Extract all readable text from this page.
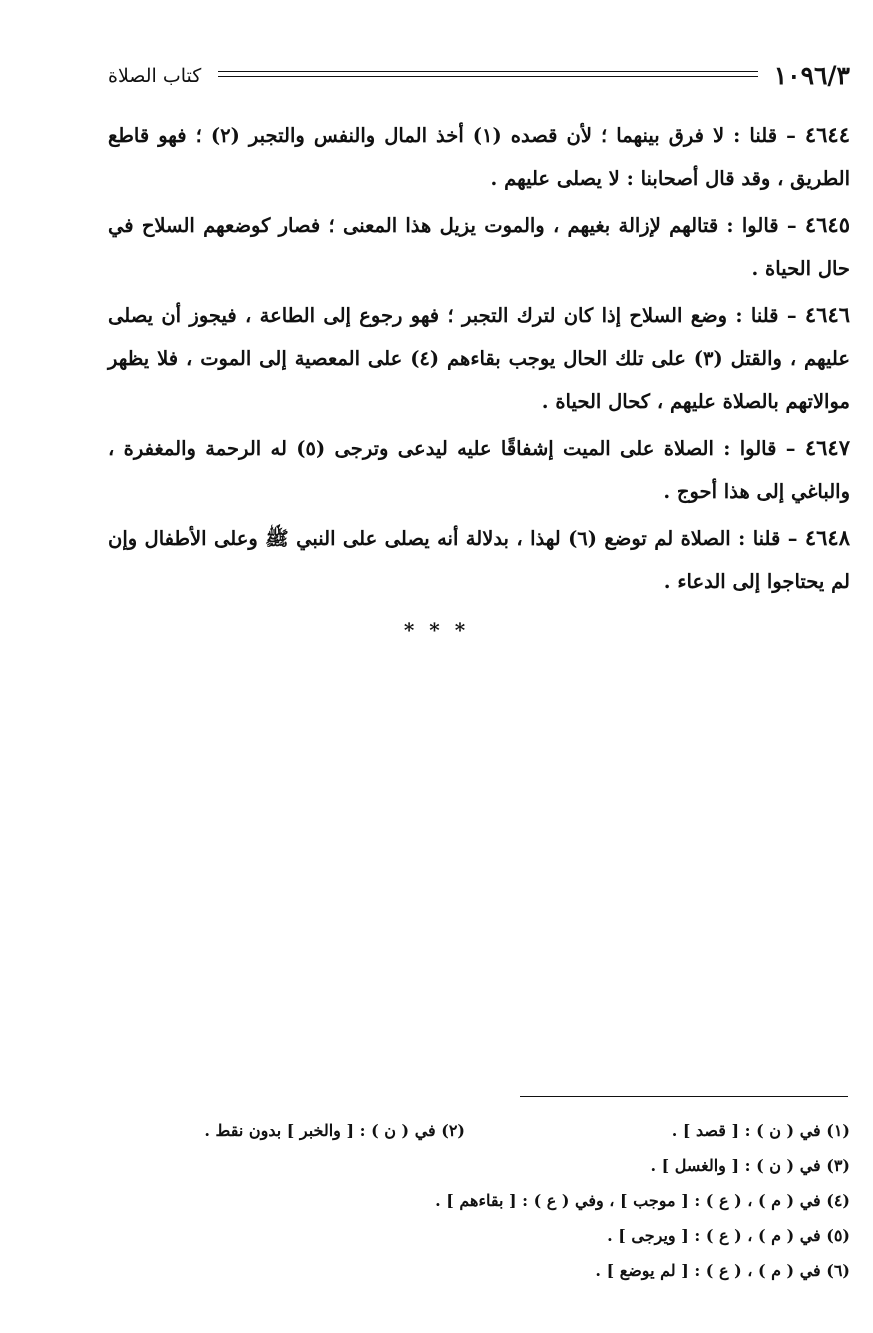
١٠٩٦/٣
كتاب الصلاة

٤٦٤٤ – قلنا : لا فرق بينهما ؛ لأن قصده (١) أخذ المال والنفس والتجبر (٢) ؛ فهو قاطع الطريق ، وقد قال أصحابنا : لا يصلى عليهم .

٤٦٤٥ – قالوا : قتالهم لإزالة بغيهم ، والموت يزيل هذا المعنى ؛ فصار كوضعهم السلاح في حال الحياة .

٤٦٤٦ – قلنا : وضع السلاح إذا كان لترك التجبر ؛ فهو رجوع إلى الطاعة ، فيجوز أن يصلى عليهم ، والقتل (٣) على تلك الحال يوجب بقاءهم (٤) على المعصية إلى الموت ، فلا يظهر موالاتهم بالصلاة عليهم ، كحال الحياة .

٤٦٤٧ – قالوا : الصلاة على الميت إشفاقًا عليه ليدعى وترجى (٥) له الرحمة والمغفرة ، والباغي إلى هذا أحوج .

٤٦٤٨ – قلنا : الصلاة لم توضع (٦) لهذا ، بدلالة أنه يصلى على النبي ﷺ وعلى الأطفال وإن لم يحتاجوا إلى الدعاء .

* * *
(١) في ( ن ) : [ قصد ] .
(٢) في ( ن ) : [ والخبر ] بدون نقط .
(٣) في ( ن ) : [ والغسل ] .
(٤) في ( م ) ، ( ع ) : [ موجب ] ، وفي ( ع ) : [ بقاءهم ] .
(٥) في ( م ) ، ( ع ) : [ ويرجى ] .
(٦) في ( م ) ، ( ع ) : [ لم يوضع ] .
